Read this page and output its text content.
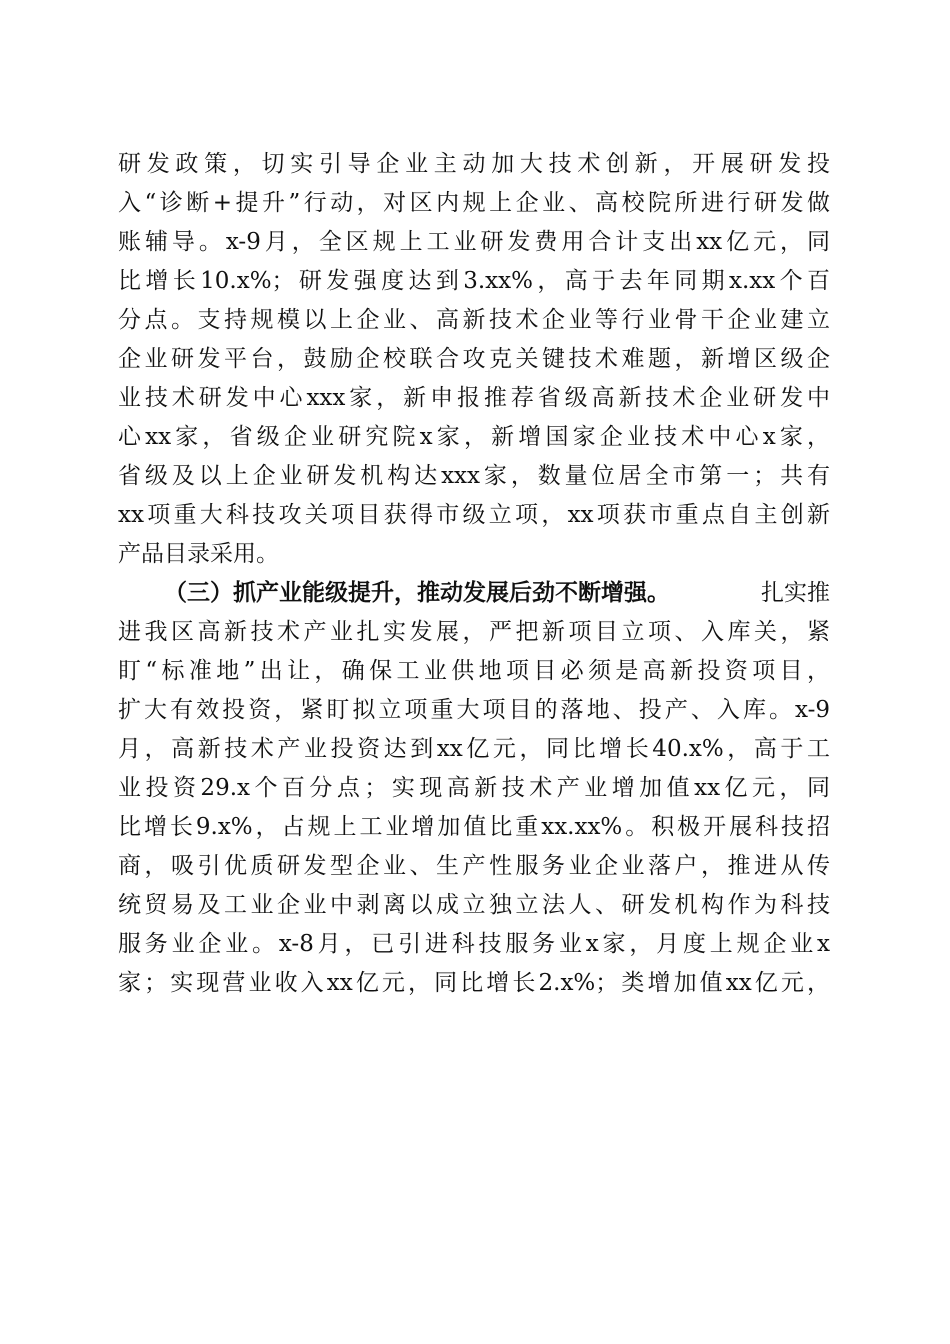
研发政策，切实引导企业主动加大技术创新，开展研发投
入“诊断+提升”行动，对区内规上企业、高校院所进行研发做
账辅导。x-9月，全区规上工业研发费用合计支出xx亿元，同
比增长10.x%；研发强度达到3.xx%，高于去年同期x.xx个百
分点。支持规模以上企业、高新技术企业等行业骨干企业建立
企业研发平台，鼓励企校联合攻克关键技术难题，新增区级企
业技术研发中心xxx家，新申报推荐省级高新技术企业研发中
心xx家，省级企业研究院x家，新增国家企业技术中心x家，
省级及以上企业研发机构达xxx家，数量位居全市第一；共有
xx项重大科技攻关项目获得市级立项，xx项获市重点自主创新
产品目录采用。
（三）抓产业能级提升，推动发展后劲不断增强。	扎实推
进我区高新技术产业扎实发展，严把新项目立项、入库关，紧
盯“标准地”出让，确保工业供地项目必须是高新投资项目，
扩大有效投资，紧盯拟立项重大项目的落地、投产、入库。x-9
月，高新技术产业投资达到xx亿元，同比增长40.x%，高于工
业投资29.x个百分点；实现高新技术产业增加值xx亿元，同
比增长9.x%，占规上工业增加值比重xx.xx%。积极开展科技招
商，吸引优质研发型企业、生产性服务业企业落户，推进从传
统贸易及工业企业中剥离以成立独立法人、研发机构作为科技
服务业企业。x-8月，已引进科技服务业x家，月度上规企业x
家；实现营业收入xx亿元，同比增长2.x%；类增加值xx亿元，
